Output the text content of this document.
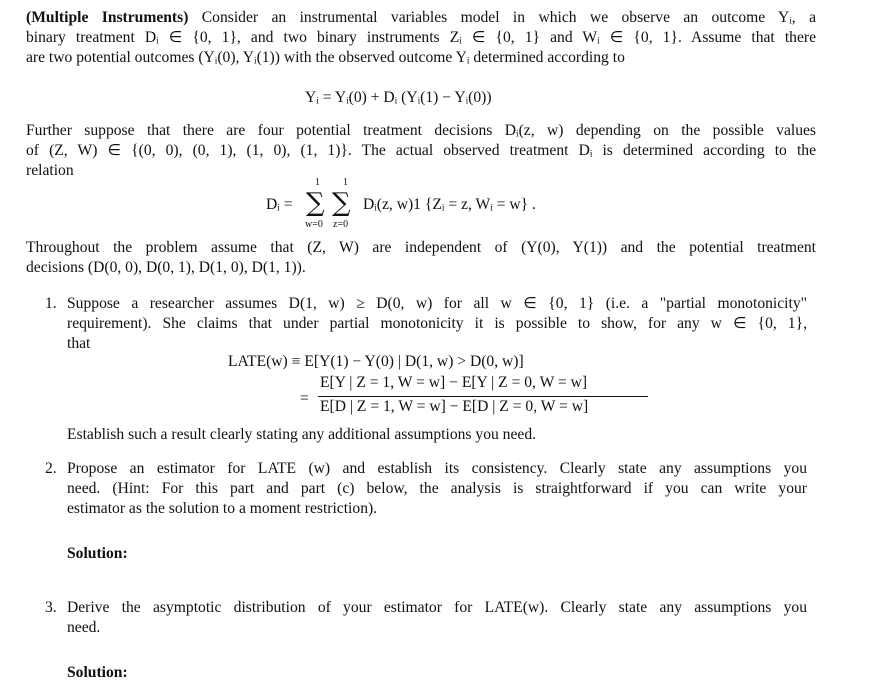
(Multiple Instruments) Consider an instrumental variables model in which we observe an outcome Yᵢ, a
binary treatment Dᵢ ∈ {0, 1}, and two binary instruments Zᵢ ∈ {0, 1} and Wᵢ ∈ {0, 1}. Assume that there
are two potential outcomes (Yᵢ(0), Yᵢ(1)) with the observed outcome Yᵢ determined according to
Yᵢ = Yᵢ(0) + Dᵢ (Yᵢ(1) − Yᵢ(0))
Further suppose that there are four potential treatment decisions Dᵢ(z, w) depending on the possible values
of (Z, W) ∈ {(0, 0), (0, 1), (1, 0), (1, 1)}. The actual observed treatment Dᵢ is determined according to the
relation
Dᵢ =
1 1
∑ ∑
w=0 z=0
Dᵢ(z, w)1 {Zᵢ = z, Wᵢ = w} .
Throughout the problem assume that (Z, W) are independent of (Y(0), Y(1)) and the potential treatment
decisions (D(0, 0), D(0, 1), D(1, 0), D(1, 1)).
1. Suppose a researcher assumes D(1, w) ≥ D(0, w) for all w ∈ {0, 1} (i.e. a "partial monotonicity"
requirement). She claims that under partial monotonicity it is possible to show, for any w ∈ {0, 1},
that
LATE(w) ≡ E[Y(1) − Y(0) | D(1, w) > D(0, w)]
=
E[Y | Z = 1, W = w] − E[Y | Z = 0, W = w]
E[D | Z = 1, W = w] − E[D | Z = 0, W = w]
Establish such a result clearly stating any additional assumptions you need.
2. Propose an estimator for LATE (w) and establish its consistency. Clearly state any assumptions you
need. (Hint: For this part and part (c) below, the analysis is straightforward if you can write your
estimator as the solution to a moment restriction).
Solution:
3. Derive the asymptotic distribution of your estimator for LATE(w). Clearly state any assumptions you
need.
Solution:
